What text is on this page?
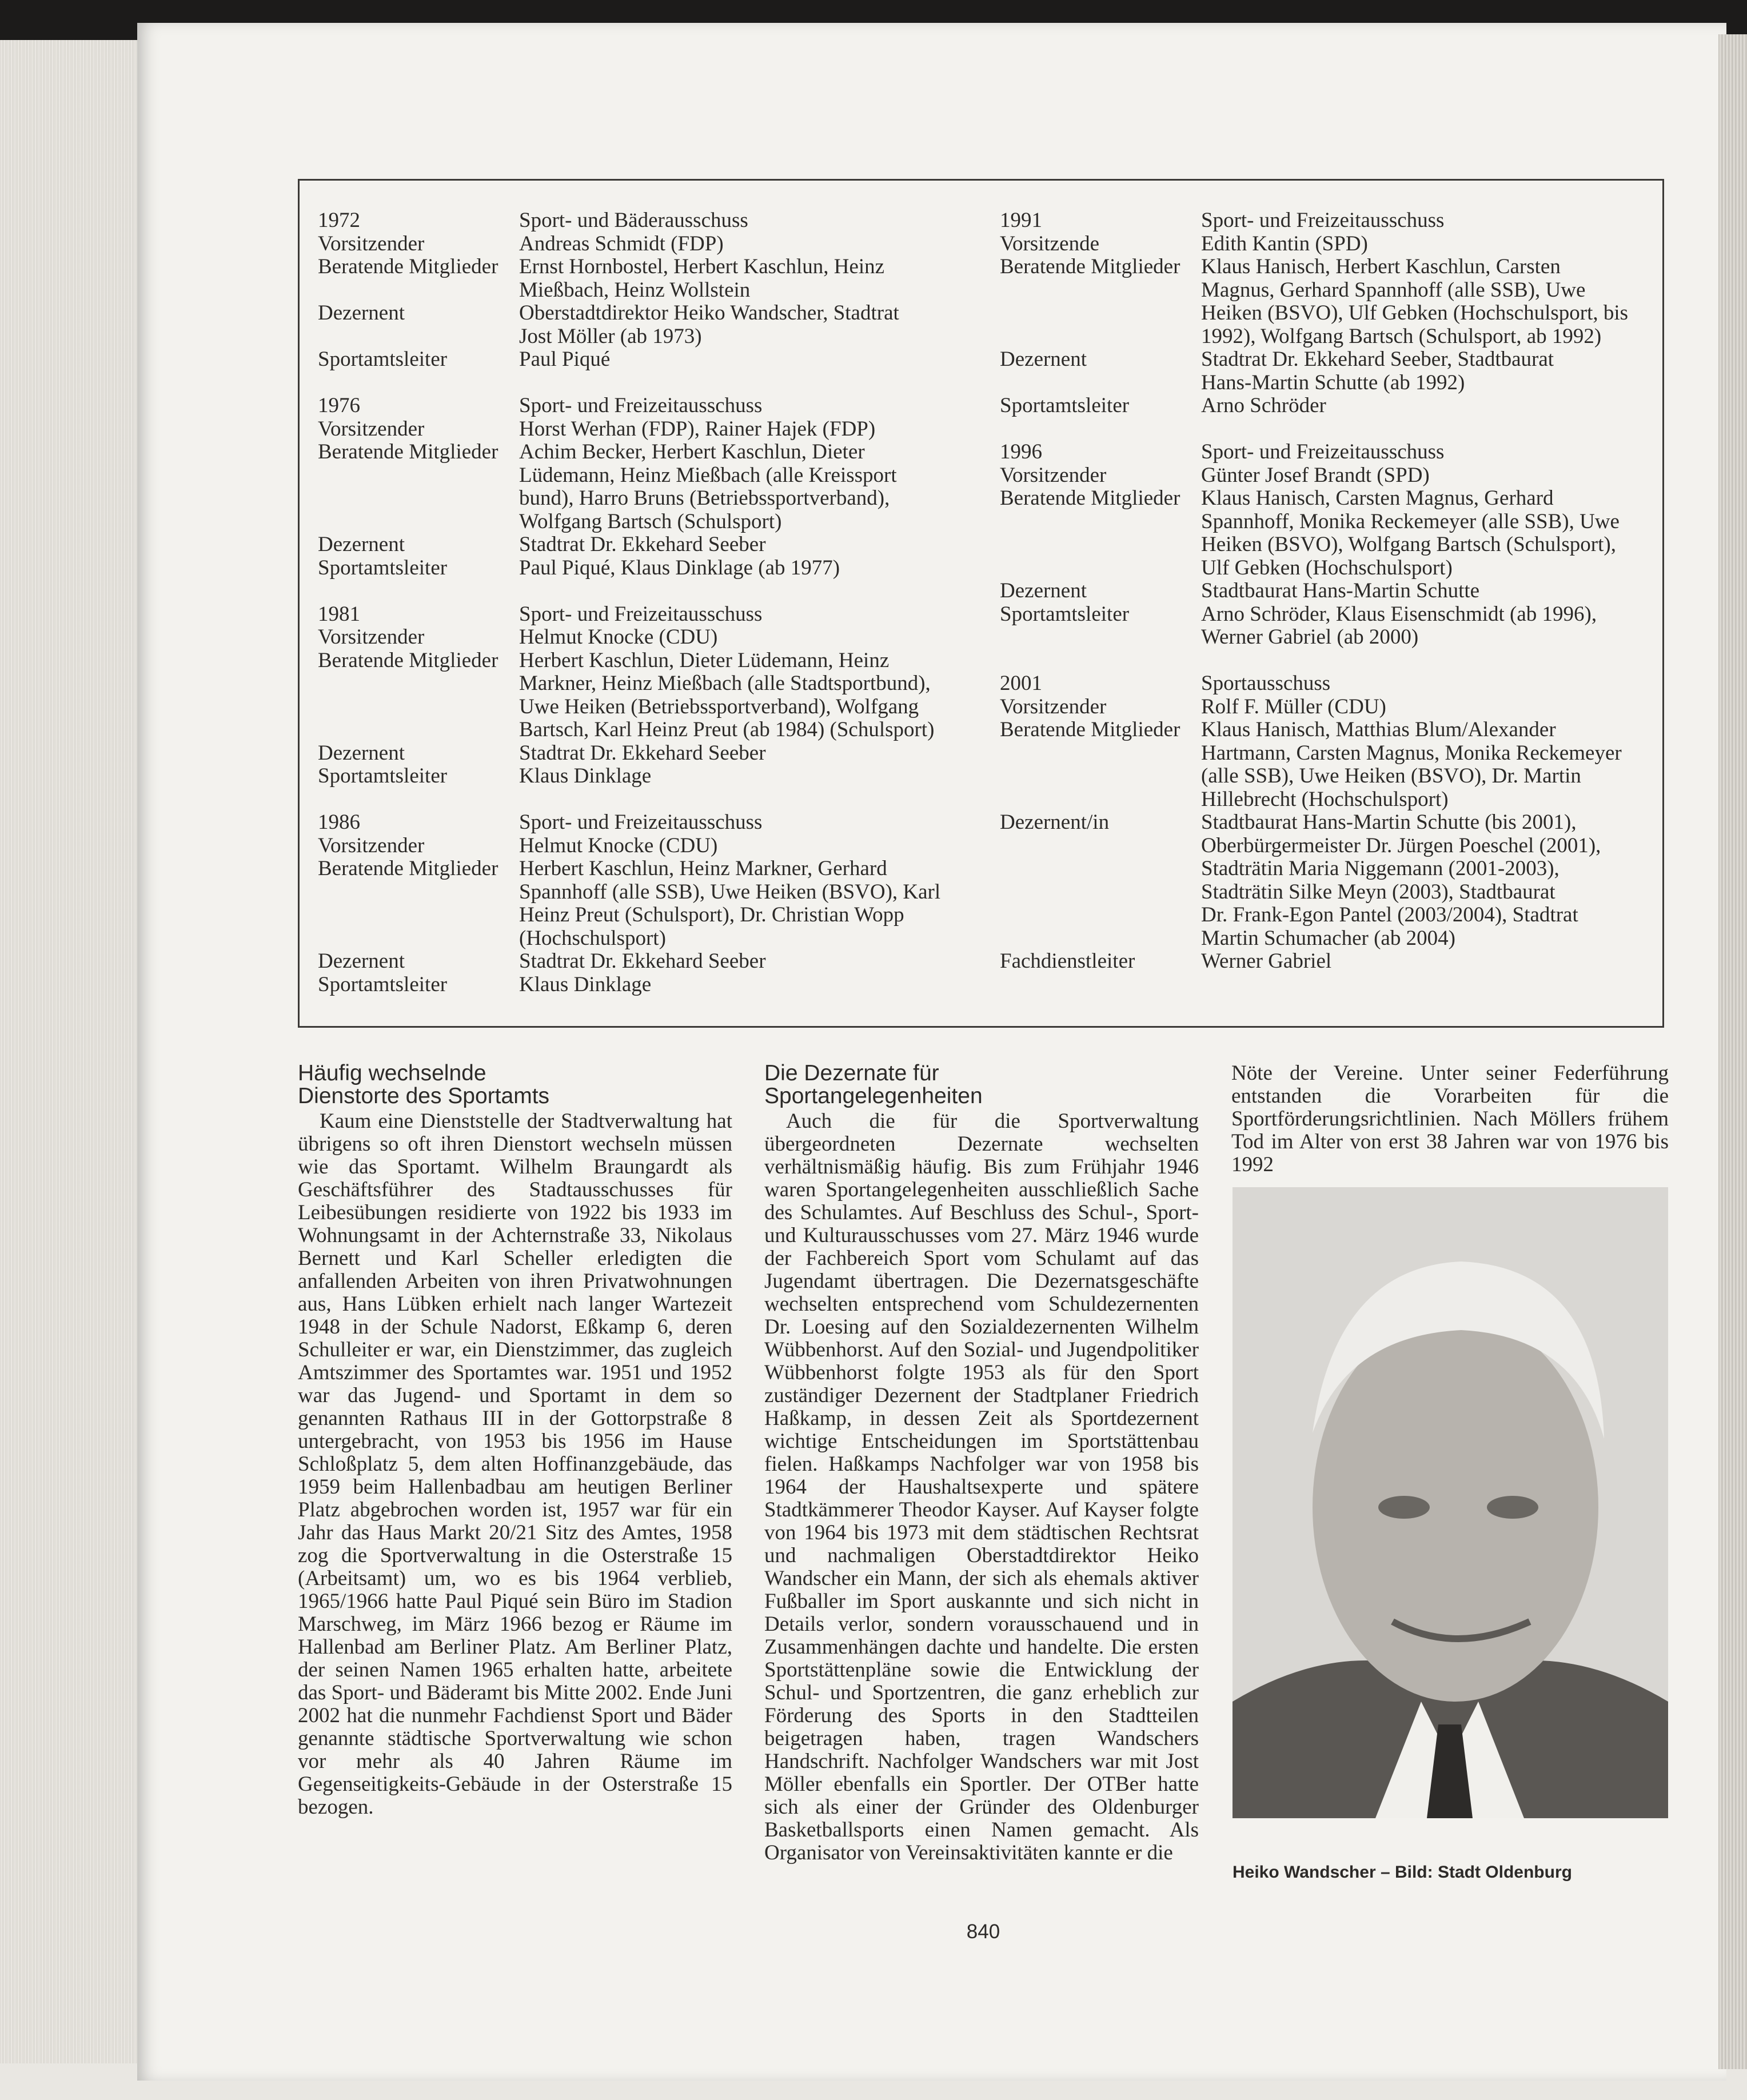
1972	Sport- und Bäderausschuss
Vorsitzender	Andreas Schmidt (FDP)
Beratende Mitglieder Ernst Hornbostel, Herbert Kaschlun, Heinz
Mießbach, Heinz Wollstein
Dezernent	Oberstadtdirektor Heiko Wandscher, Stadtrat
Jost Möller (ab 1973)
Sportamtsleiter	Paul Piqué
1976	Sport- und Freizeitausschuss
Vorsitzender	Horst Werhan (FDP), Rainer Hajek (FDP)
Beratende Mitglieder Achim Becker, Herbert Kaschlun, Dieter
Lüdemann, Heinz Mießbach (alle Kreissport
bund), Harro Bruns (Betriebssportverband),
Wolfgang Bartsch (Schulsport)
Dezernent	Stadtrat Dr. Ekkehard Seeber
Sportamtsleiter	Paul Piqué, Klaus Dinklage (ab 1977)
1981	Sport- und Freizeitausschuss
Vorsitzender	Helmut Knocke (CDU)
Beratende Mitglieder Herbert Kaschlun, Dieter Lüdemann, Heinz
Markner, Heinz Mießbach (alle Stadtsportbund),
Uwe Heiken (Betriebssportverband), Wolfgang
Bartsch, Karl Heinz Preut (ab 1984) (Schulsport)
Dezernent	Stadtrat Dr. Ekkehard Seeber
Sportamtsleiter	Klaus Dinklage
1986	Sport- und Freizeitausschuss
Vorsitzender	Helmut Knocke (CDU)
Beratende Mitglieder Herbert Kaschlun, Heinz Markner, Gerhard
Spannhoff (alle SSB), Uwe Heiken (BSVO), Karl
Heinz Preut (Schulsport), Dr. Christian Wopp
(Hochschulsport)
Dezernent	Stadtrat Dr. Ekkehard Seeber
Sportamtsleiter	Klaus Dinklage
1991	Sport- und Freizeitausschuss
Vorsitzende	Edith Kantin (SPD)
Beratende Mitglieder Klaus Hanisch, Herbert Kaschlun, Carsten
Magnus, Gerhard Spannhoff (alle SSB), Uwe
Heiken (BSVO), Ulf Gebken (Hochschulsport, bis
1992), Wolfgang Bartsch (Schulsport, ab 1992)
Dezernent	Stadtrat Dr. Ekkehard Seeber, Stadtbaurat
Hans-Martin Schutte (ab 1992)
Sportamtsleiter	Arno Schröder
1996	Sport- und Freizeitausschuss
Vorsitzender	Günter Josef Brandt (SPD)
Beratende Mitglieder Klaus Hanisch, Carsten Magnus, Gerhard
Spannhoff, Monika Reckemeyer (alle SSB), Uwe
Heiken (BSVO), Wolfgang Bartsch (Schulsport),
Ulf Gebken (Hochschulsport)
Dezernent	Stadtbaurat Hans-Martin Schutte
Sportamtsleiter	Arno Schröder, Klaus Eisenschmidt (ab 1996),
Werner Gabriel (ab 2000)
2001	Sportausschuss
Vorsitzender	Rolf F. Müller (CDU)
Beratende Mitglieder Klaus Hanisch, Matthias Blum/Alexander
Hartmann, Carsten Magnus, Monika Reckemeyer
(alle SSB), Uwe Heiken (BSVO), Dr. Martin
Hillebrecht (Hochschulsport)
Dezernent/in	Stadtbaurat Hans-Martin Schutte (bis 2001),
Oberbürgermeister Dr. Jürgen Poeschel (2001),
Stadträtin Maria Niggemann (2001-2003),
Stadträtin Silke Meyn (2003), Stadtbaurat
Dr. Frank-Egon Pantel (2003/2004), Stadtrat
Martin Schumacher (ab 2004)
Fachdienstleiter	Werner Gabriel
Häufig wechselnde
Dienstorte des Sportamts

Kaum eine Dienststelle der Stadtverwaltung hat übrigens so oft ihren Dienstort wechseln müssen wie das Sportamt. Wilhelm Braungardt als Geschäftsführer des Stadtausschusses für Leibesübungen residierte von 1922 bis 1933 im Wohnungsamt in der Achternstraße 33, Nikolaus Bernett und Karl Scheller erledigten die anfallenden Arbeiten von ihren Privatwohnungen aus, Hans Lübken erhielt nach langer Wartezeit 1948 in der Schule Nadorst, Eßkamp 6, deren Schulleiter er war, ein Dienstzimmer, das zugleich Amtszimmer des Sportamtes war. 1951 und 1952 war das Jugend- und Sportamt in dem so genannten Rathaus III in der Gottorpstraße 8 untergebracht, von 1953 bis 1956 im Hause Schloßplatz 5, dem alten Hoffinanzgebäude, das 1959 beim Hallenbadbau am heutigen Berliner Platz abgebrochen worden ist, 1957 war für ein Jahr das Haus Markt 20/21 Sitz des Amtes, 1958 zog die Sportverwaltung in die Osterstraße 15 (Arbeitsamt) um, wo es bis 1964 verblieb, 1965/1966 hatte Paul Piqué sein Büro im Stadion Marschweg, im März 1966 bezog er Räume im Hallenbad am Berliner Platz. Am Berliner Platz, der seinen Namen 1965 erhalten hatte, arbeitete das Sport- und Bäderamt bis Mitte 2002. Ende Juni 2002 hat die nunmehr Fachdienst Sport und Bäder genannte städtische Sportverwaltung wie schon vor mehr als 40 Jahren Räume im Gegenseitigkeits-Gebäude in der Osterstraße 15 bezogen.

Die Dezernate für
Sportangelegenheiten

Auch die für die Sportverwaltung übergeordneten Dezernate wechselten verhältnismäßig häufig. Bis zum Frühjahr 1946 waren Sportangelegenheiten ausschließlich Sache des Schulamtes. Auf Beschluss des Schul-, Sport- und Kulturausschusses vom 27. März 1946 wurde der Fachbereich Sport vom Schulamt auf das Jugendamt übertragen. Die Dezernatsgeschäfte wechselten entsprechend vom Schuldezernenten Dr. Loesing auf den Sozialdezernenten Wilhelm Wübbenhorst. Auf den Sozial- und Jugendpolitiker Wübbenhorst folgte 1953 als für den Sport zuständiger Dezernent der Stadtplaner Friedrich Haßkamp, in dessen Zeit als Sportdezernent wichtige Entscheidungen im Sportstättenbau fielen. Haßkamps Nachfolger war von 1958 bis 1964 der Haushaltsexperte und spätere Stadtkämmerer Theodor Kayser. Auf Kayser folgte von 1964 bis 1973 mit dem städtischen Rechtsrat und nachmaligen Oberstadtdirektor Heiko Wandscher ein Mann, der sich als ehemals aktiver Fußballer im Sport auskannte und sich nicht in Details verlor, sondern vorausschauend und in Zusammenhängen dachte und handelte. Die ersten Sportstättenpläne sowie die Entwicklung der Schul- und Sportzentren, die ganz erheblich zur Förderung des Sports in den Stadtteilen beigetragen haben, tragen Wandschers Handschrift. Nachfolger Wandschers war mit Jost Möller ebenfalls ein Sportler. Der OTBer hatte sich als einer der Gründer des Oldenburger Basketballsports einen Namen gemacht. Als Organisator von Vereinsaktivitäten kannte er die

Nöte der Vereine. Unter seiner Federführung entstanden die Vorarbeiten für die Sportförderungsrichtlinien. Nach Möllers frühem Tod im Alter von erst 38 Jahren war von 1976 bis 1992

Heiko Wandscher – Bild: Stadt Oldenburg
840
